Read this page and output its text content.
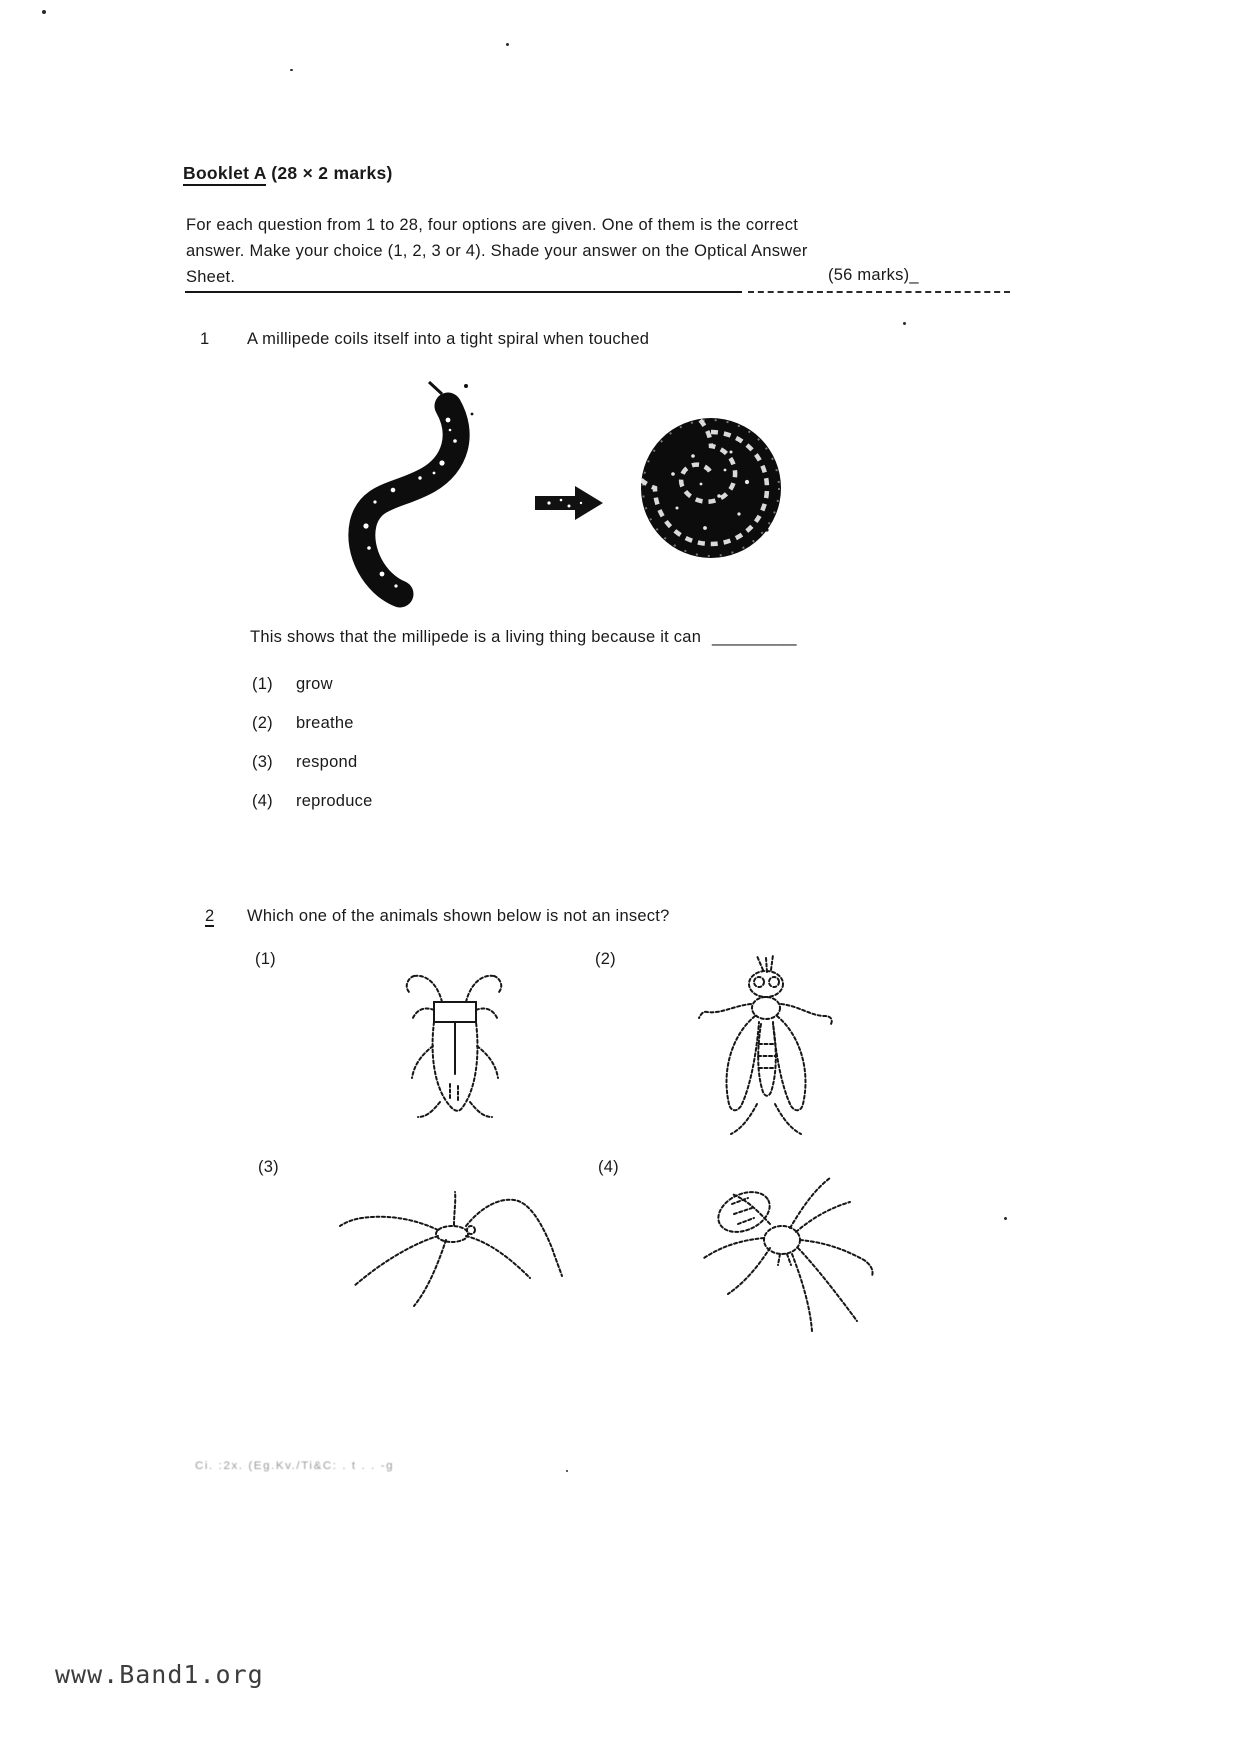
Booklet A (28 × 2 marks)
For each question from 1 to 28, four options are given. One of them is the correct
answer. Make your choice (1, 2, 3 or 4). Shade your answer on the Optical Answer
Sheet.	(56 marks)_
1 A millipede coils itself into a tight spiral when touched
This shows that the millipede is a living thing because it can _________
(1)	grow
(2)	breathe
(3)	respond
(4)	reproduce
2 Which one of the animals shown below is not an insect?
(1)	(2)
(3)	(4)
Ci. :2x. (Eg.Kv./Ti&C: . t . . -g
www.Band1.org
